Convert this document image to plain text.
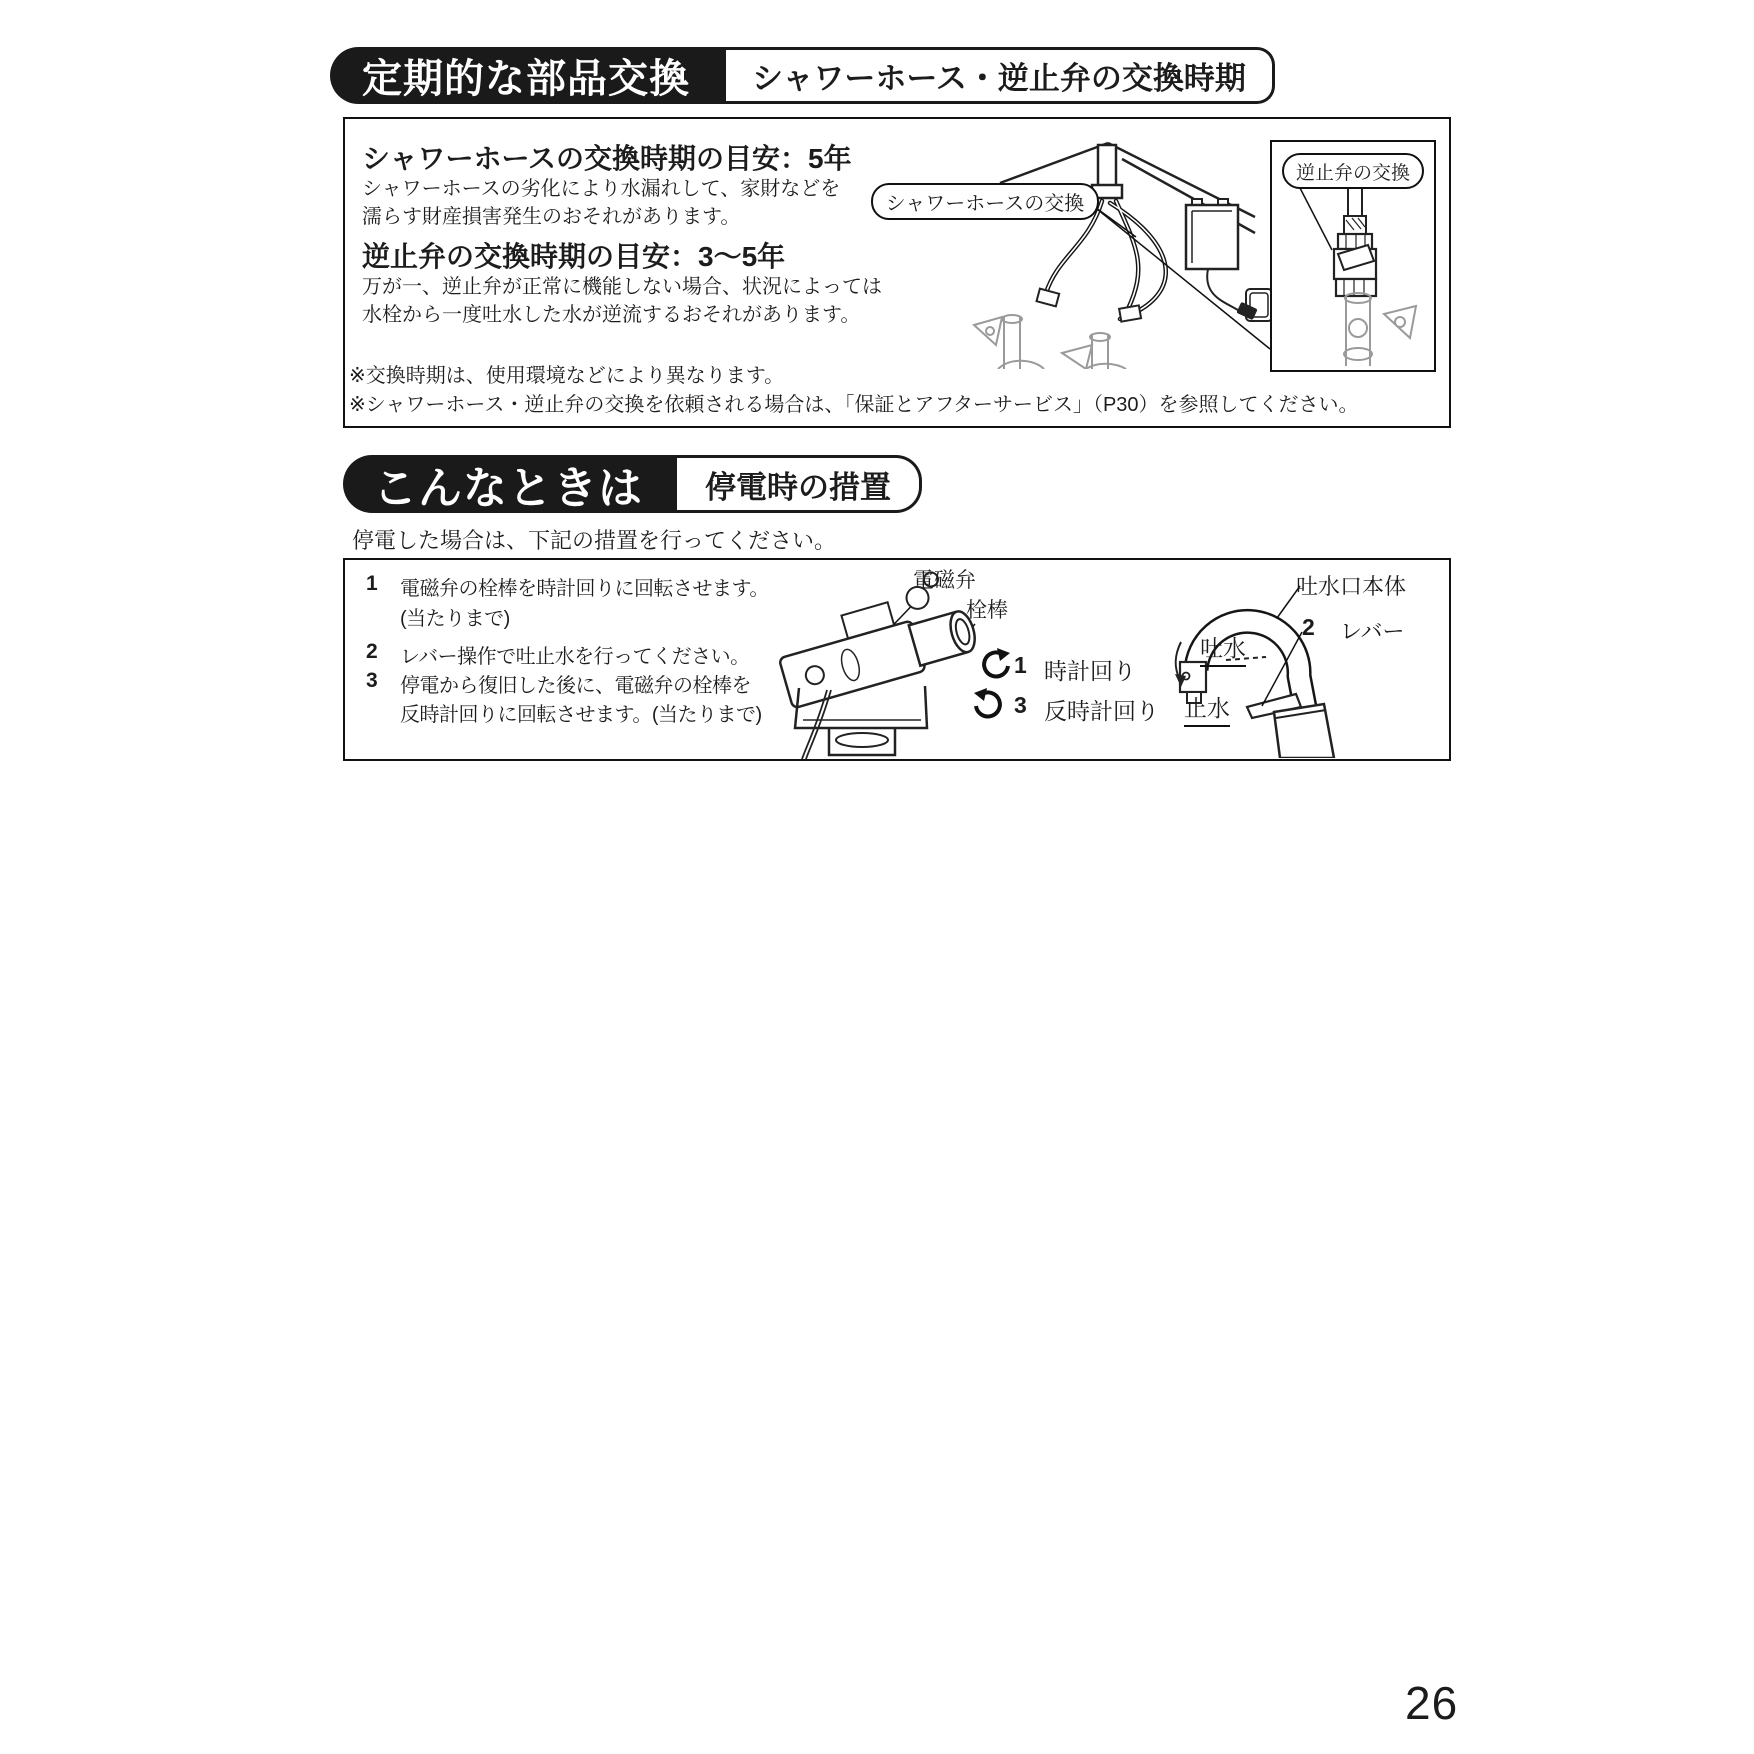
定期的な部品交換	シャワーホース・逆止弁の交換時期
シャワーホースの交換時期の目安：5年
シャワーホースの劣化により水漏れして、家財などを
濡らす財産損害発生のおそれがあります。
逆止弁の交換時期の目安：3～5年
万が一、逆止弁が正常に機能しない場合、状況によっては
水栓から一度吐水した水が逆流するおそれがあります。
※交換時期は、使用環境などにより異なります。
※シャワーホース・逆止弁の交換を依頼される場合は、「保証とアフターサービス」（P30）を参照してください。
シャワーホースの交換
逆止弁の交換
こんなときは	停電時の措置
停電した場合は、下記の措置を行ってください。
1 電磁弁の栓棒を時計回りに回転させます。
(当たりまで)
2 レバー操作で吐止水を行ってください。
3 停電から復旧した後に、電磁弁の栓棒を
反時計回りに回転させます。(当たりまで)
電磁弁
栓棒
1 時計回り
3 反時計回り
吐水口本体
2 レバー
吐水
止水
26
